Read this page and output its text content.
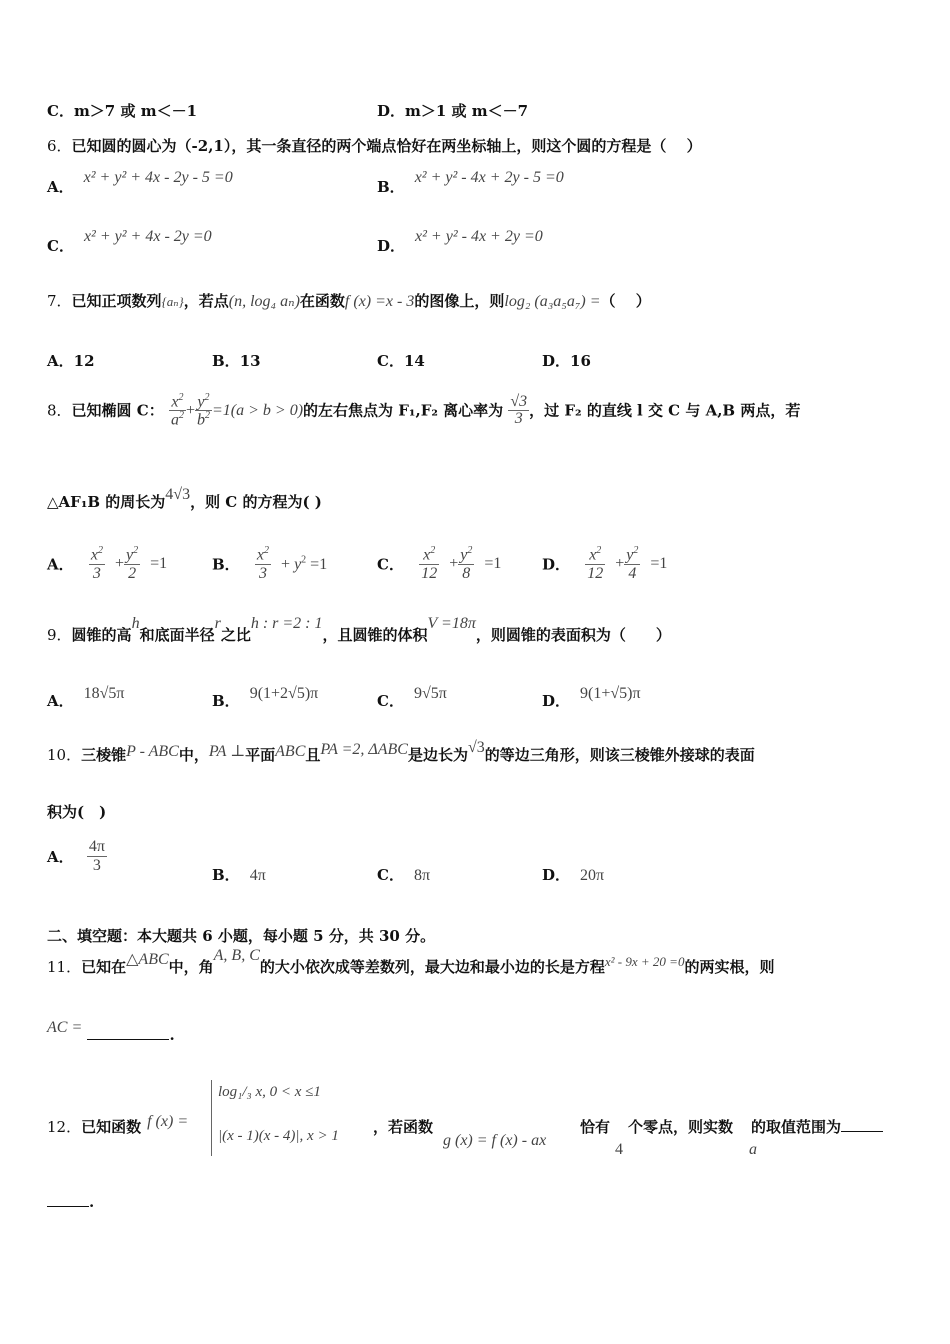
C．m＞7 或 m＜－1	D．m＞1 或 m＜－7
6．已知圆的圆心为（-2,1），其一条直径的两个端点恰好在两坐标轴上，则这个圆的方程是（　 ）
A．x² + y² + 4x - 2y - 5 =0
B．x² + y² - 4x + 2y - 5 =0
C．x² + y² + 4x - 2y =0
D．x² + y² - 4x + 2y =0
7．已知正项数列{aₙ}，若点(n, log₄ aₙ)在函数f (x) =x - 3的图像上，则log₂ (a₃a₅a₇) =（　 ）
A．12	B．13	C．14	D．16
8．已知椭圆 C： $\frac{x^2}{a^2} + \frac{y^2}{b^2} =1(a > b > 0)$的左右焦点为 F₁,F₂ 离心率为 $\frac{√3}{3}$ ，过 F₂ 的直线 l 交 C 与 A,B 两点，若
△AF₁B 的周长为4√3，则 C 的方程为( )
A． $\frac{x^2}{3} + \frac{y^2}{2} =1$	B． $\frac{x^2}{3} + y^2 =1$	C． $\frac{x^2}{12} + \frac{y^2}{8} =1$	D． $\frac{x^2}{12} + \frac{y^2}{4} =1$
9．圆锥的高h和底面半径r之比h : r =2 : 1，且圆锥的体积V =18π，则圆锥的表面积为（　　）
A． 18√5π	B． 9(1+2√5)π	C． 9√5π	D． 9(1+√5)π
10．三棱锥P - ABC中，PA ⊥平面ABC且PA =2, ΔABC是边长为√3的等边三角形，则该三棱锥外接球的表面
积为(　)
A． $\frac{4\pi}{3}$	B． 4π	C． 8π	D． 20π
二、填空题：本大题共 6 小题，每小题 5 分，共 30 分。
11．已知在△ABC中，角A, B, C的大小依次成等差数列，最大边和最小边的长是方程x² - 9x + 20 =0的两实根，则
AC =	.
12．已知函数 f (x) =
log₁/₃ x, 0 < x ≤1
|(x - 1)(x - 4)|, x > 1 ，若函数
g (x) = f (x) - ax
恰有 个零点，则实数 的取值范围为
4	a
.
